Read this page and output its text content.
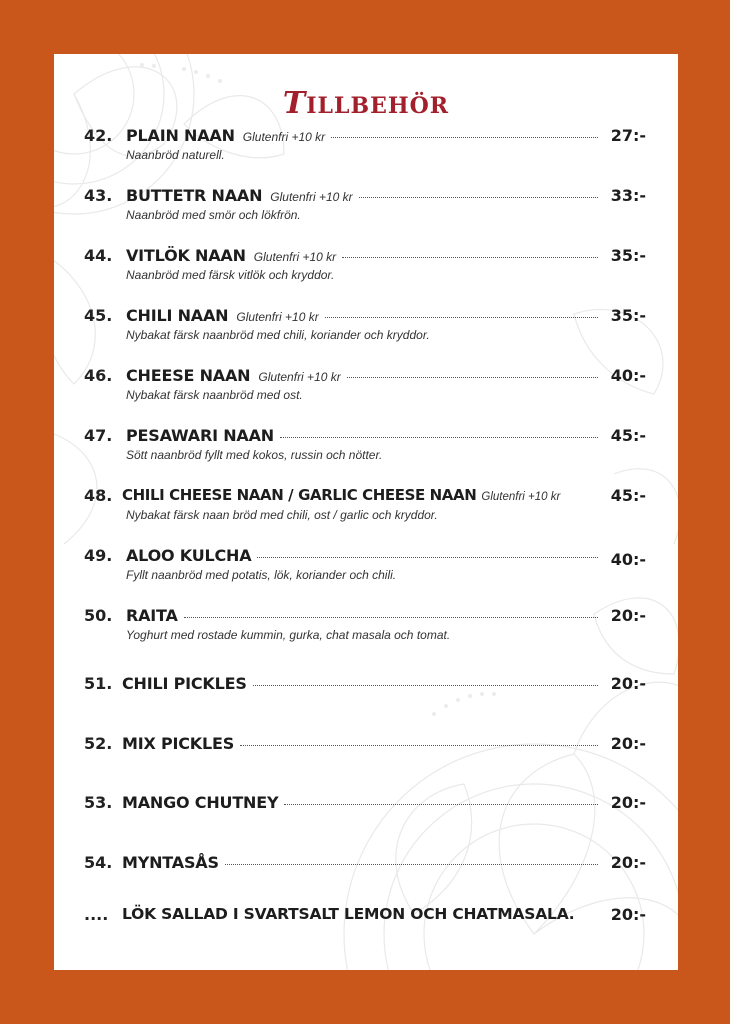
TILLBEHÖR
42. PLAIN NAAN Glutenfri +10 kr	27:-
Naanbröd naturell.
43. BUTTETR NAAN Glutenfri +10 kr	33:-
Naanbröd med smör och lökfrön.
44. VITLÖK NAAN Glutenfri +10 kr	35:-
Naanbröd med färsk vitlök och kryddor.
45. CHILI NAAN Glutenfri +10 kr	35:-
Nybakat färsk naanbröd med chili, koriander och kryddor.
46. CHEESE NAAN Glutenfri +10 kr	40:-
Nybakat färsk naanbröd med ost.
47. PESAWARI NAAN	45:-
Sött naanbröd fyllt med kokos, russin och nötter.
48. CHILI CHEESE NAAN / GARLIC CHEESE NAAN Glutenfri +10 kr	45:-
Nybakat färsk naan bröd med chili, ost / garlic och kryddor.
49. ALOO KULCHA	40:-
Fyllt naanbröd med potatis, lök, koriander och chili.
50. RAITA	20:-
Yoghurt med rostade kummin, gurka, chat masala och tomat.
51. CHILI PICKLES	20:-
52. MIX PICKLES	20:-
53. MANGO CHUTNEY	20:-
54. MYNTASÅS	20:-
.... LÖK SALLAD I SVARTSALT LEMON OCH CHATMASALA. 20:-
